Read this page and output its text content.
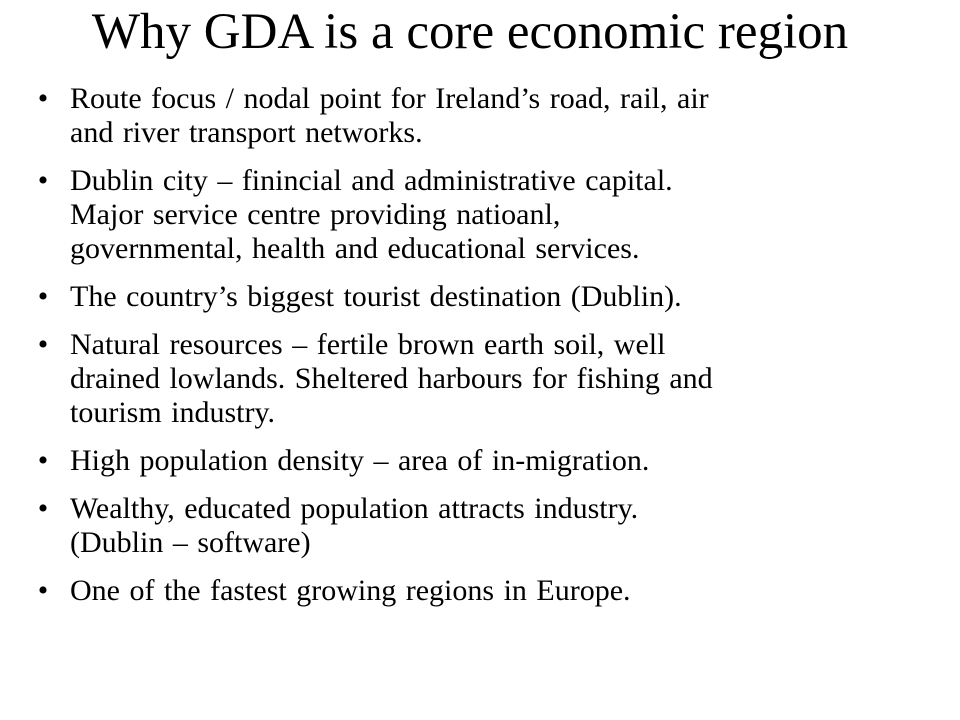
Why GDA is a core economic region
• Route focus / nodal point for Ireland’s road, rail, air
and river transport networks.
• Dublin city – finincial and administrative capital.
Major service centre providing natioanl,
governmental, health and educational services.
• The country’s biggest tourist destination (Dublin).
• Natural resources – fertile brown earth soil, well
drained lowlands. Sheltered harbours for fishing and
tourism industry.
• High population density – area of in-migration.
• Wealthy, educated population attracts industry.
(Dublin – software)
• One of the fastest growing regions in Europe.
